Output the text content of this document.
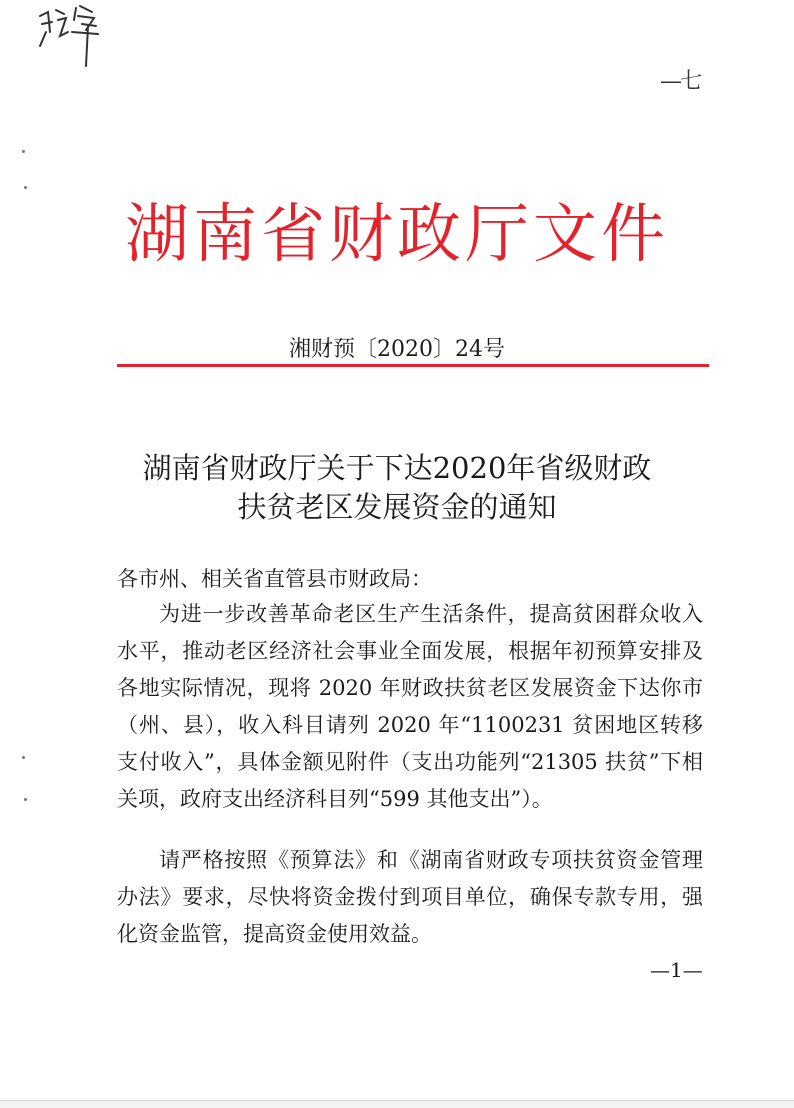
—七
湖南省财政厅文件
湘财预〔2020〕24号
湖南省财政厅关于下达2020年省级财政
扶贫老区发展资金的通知
各市州、相关省直管县市财政局：
为进一步改善革命老区生产生活条件，提高贫困群众收入水平，推动老区经济社会事业全面发展，根据年初预算安排及各地实际情况，现将 2020 年财政扶贫老区发展资金下达你市（州、县），收入科目请列 2020 年“1100231 贫困地区转移支付收入”，具体金额见附件（支出功能列“21305 扶贫”下相关项，政府支出经济科目列“599 其他支出”）。
请严格按照《预算法》和《湖南省财政专项扶贫资金管理办法》要求，尽快将资金拨付到项目单位，确保专款专用，强化资金监管，提高资金使用效益。
—1—
